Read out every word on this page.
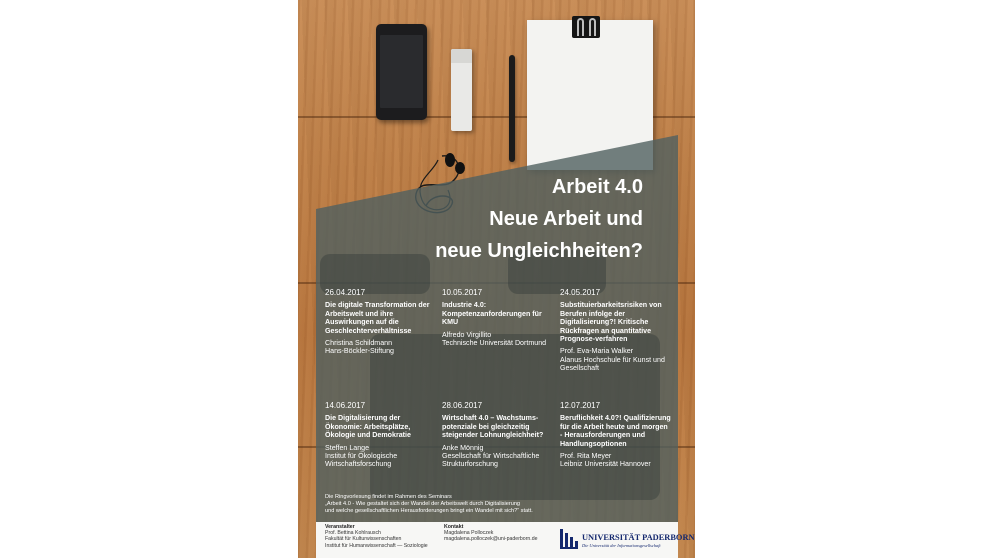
Arbeit 4.0
Neue Arbeit und
neue Ungleichheiten?
26.04.2017
Die digitale Transformation der Arbeitswelt und ihre Auswirkungen auf die Geschlechterverhältnisse
Christina Schildmann
Hans-Böckler-Stiftung
10.05.2017
Industrie 4.0: Kompetenzanforderungen für KMU
Alfredo Virgillito
Technische Universität Dortmund
24.05.2017
Substituierbarkeitsrisiken von Berufen infolge der Digitalisierung?! Kritische Rückfragen an quantitative Prognose-verfahren
Prof. Eva-Maria Walker
Alanus Hochschule für Kunst und Gesellschaft
14.06.2017
Die Digitalisierung der Ökonomie: Arbeitsplätze, Ökologie und Demokratie
Steffen Lange
Institut für Ökologische Wirtschaftsforschung
28.06.2017
Wirtschaft 4.0 – Wachstums-potenziale bei gleichzeitig steigender Lohnungleichheit?
Anke Mönnig
Gesellschaft für Wirtschaftliche Strukturforschung
12.07.2017
Beruflichkeit 4.0?! Qualifizierung für die Arbeit heute und morgen - Herausforderungen und Handlungsoptionen
Prof. Rita Meyer
Leibniz Universität Hannover
Die Ringvorlesung findet im Rahmen des Seminars
„Arbeit 4.0 - Wie gestaltet sich der Wandel der Arbeitswelt durch Digitalisierung
und welche gesellschaftlichen Herausforderungen bringt ein Wandel mit sich?“ statt.
Veranstalter
Prof. Bettina Kohlrausch
Fakultät für Kulturwissenschaften
Institut für Humanwissenschaft — Soziologie
Kontakt
Magdalena Polloczek
magdalena.polloczek@uni-paderborn.de	UNIVERSITÄT PADERBORN
Die Universität der Informationsgesellschaft
